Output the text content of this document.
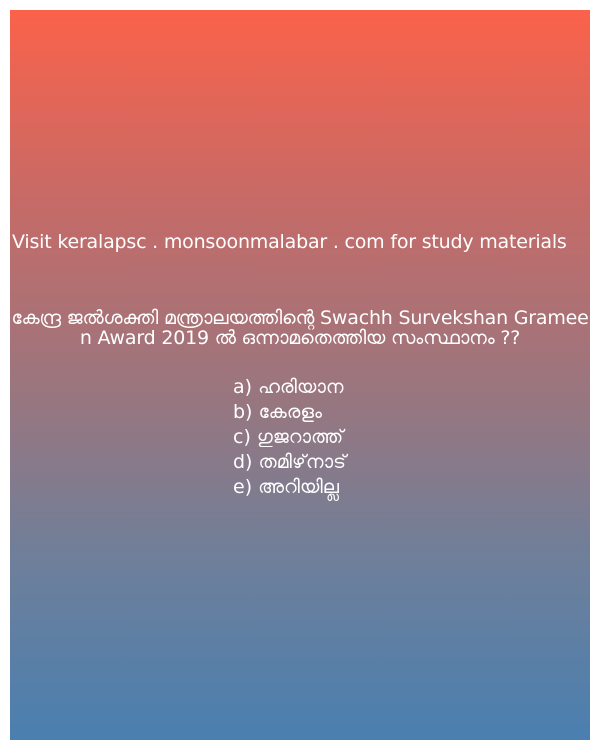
Visit keralapsc . monsoonmalabar . com for study materials
കേന്ദ്ര ജൽശക്തി മന്ത്രാലയത്തിന്റെ Swachh Survekshan Grameen Award 2019 ൽ ഒന്നാമതെത്തിയ സംസ്ഥാനം ??
a) ഹരിയാന
b) കേരളം
c) ഗുജറാത്ത്
d) തമിഴ്‌നാട്
e) അറിയില്ല
